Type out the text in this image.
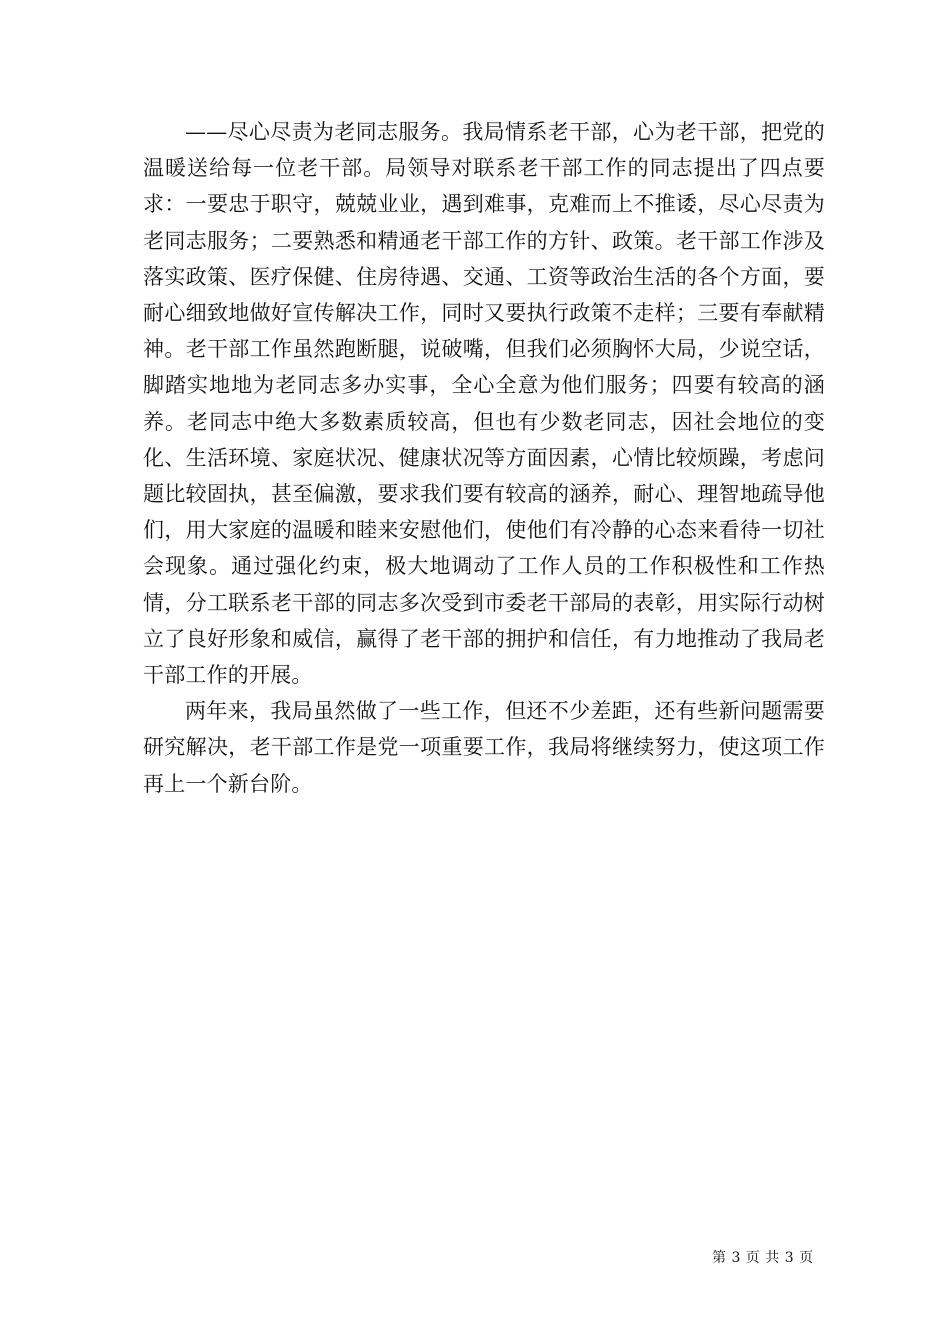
——尽心尽责为老同志服务。我局情系老干部，心为老干部，把党的温暖送给每一位老干部。局领导对联系老干部工作的同志提出了四点要求：一要忠于职守，兢兢业业，遇到难事，克难而上不推诿，尽心尽责为老同志服务；二要熟悉和精通老干部工作的方针、政策。老干部工作涉及落实政策、医疗保健、住房待遇、交通、工资等政治生活的各个方面，要耐心细致地做好宣传解决工作，同时又要执行政策不走样；三要有奉献精神。老干部工作虽然跑断腿，说破嘴，但我们必须胸怀大局，少说空话，脚踏实地地为老同志多办实事，全心全意为他们服务；四要有较高的涵养。老同志中绝大多数素质较高，但也有少数老同志，因社会地位的变化、生活环境、家庭状况、健康状况等方面因素，心情比较烦躁，考虑问题比较固执，甚至偏激，要求我们要有较高的涵养，耐心、理智地疏导他们，用大家庭的温暖和睦来安慰他们，使他们有冷静的心态来看待一切社会现象。通过强化约束，极大地调动了工作人员的工作积极性和工作热情，分工联系老干部的同志多次受到市委老干部局的表彰，用实际行动树立了良好形象和威信，赢得了老干部的拥护和信任，有力地推动了我局老干部工作的开展。

两年来，我局虽然做了一些工作，但还不少差距，还有些新问题需要研究解决，老干部工作是党一项重要工作，我局将继续努力，使这项工作再上一个新台阶。

第 3 页 共 3 页
